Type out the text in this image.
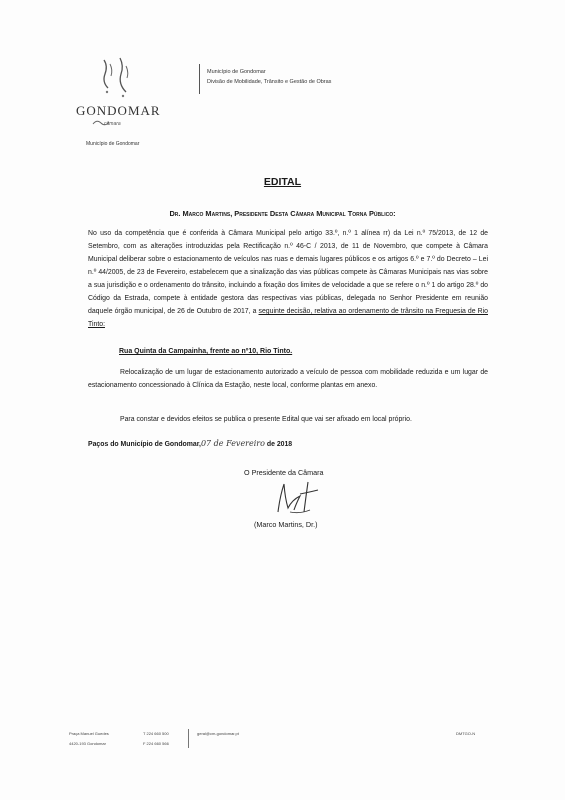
GONDOMAR
câmara
Município de Gondomar
Município de Gondomar
Divisão de Mobilidade, Trânsito e Gestão de Obras
EDITAL
Dr. Marco Martins, Presidente Desta Câmara Municipal Torna Público:
No uso da competência que é conferida à Câmara Municipal pelo artigo 33.º, n.º 1 alínea rr) da Lei n.º 75/2013, de 12 de Setembro, com as alterações introduzidas pela Rectificação n.º 46-C / 2013, de 11 de Novembro, que compete à Câmara Municipal deliberar sobre o estacionamento de veículos nas ruas e demais lugares públicos e os artigos 6.º e 7.º do Decreto – Lei n.º 44/2005, de 23 de Fevereiro, estabelecem que a sinalização das vias públicas compete às Câmaras Municipais nas vias sobre a sua jurisdição e o ordenamento do trânsito, incluindo a fixação dos limites de velocidade a que se refere o n.º 1 do artigo 28.º do Código da Estrada, compete à entidade gestora das respectivas vias públicas, delegada no Senhor Presidente em reunião daquele órgão municipal, de 26 de Outubro de 2017, a seguinte decisão, relativa ao ordenamento de trânsito na Freguesia de Rio Tinto:
Rua Quinta da Campainha, frente ao nº10, Rio Tinto.
Relocalização de um lugar de estacionamento autorizado a veículo de pessoa com mobilidade reduzida e um lugar de estacionamento concessionado à Clínica da Estação, neste local, conforme plantas em anexo.
Para constar e devidos efeitos se publica o presente Edital que vai ser afixado em local próprio.
Paços do Município de Gondomar,07 de Fevereiro de 2018
O Presidente da Câmara
(Marco Martins, Dr.)
Praça Manuel Guedes
4420-193 Gondomar
T 224 660 500
F 224 660 566
geral@cm-gondomar.pt	DMTGO-N
